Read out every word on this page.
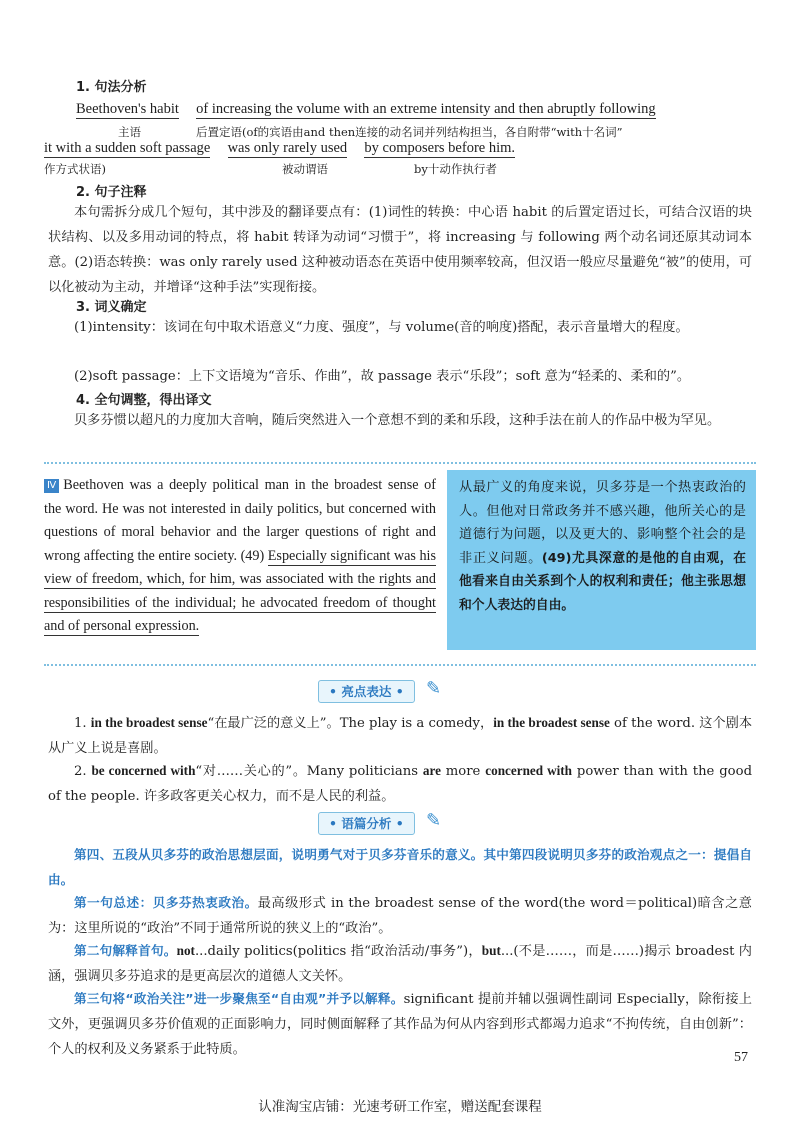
1. 句法分析
Beethoven's habit of increasing the volume with an extreme intensity and then abruptly following
主语	后置定语(of的宾语由and then连接的动名词并列结构担当，各自附带“with十名词”
it with a sudden soft passage was only rarely used by composers before him.
作方式状语)	被动谓语	by十动作执行者
2. 句子注释
本句需拆分成几个短句，其中涉及的翻译要点有：(1)词性的转换：中心语 habit 的后置定语过长，可结合汉语的块状结构、以及多用动词的特点，将 habit 转译为动词“习惯于”，将 increasing 与 following 两个动名词还原其动词本意。(2)语态转换：was only rarely used 这种被动语态在英语中使用频率较高，但汉语一般应尽量避免“被”的使用，可以化被动为主动，并增译“这种手法”实现衔接。
3. 词义确定
(1)intensity：该词在句中取术语意义“力度、强度”，与 volume(音的响度)搭配，表示音量增大的程度。
(2)soft passage：上下文语境为“音乐、作曲”，故 passage 表示“乐段”；soft 意为“轻柔的、柔和的”。
4. 全句调整，得出译文
贝多芬惯以超凡的力度加大音响，随后突然进入一个意想不到的柔和乐段，这种手法在前人的作品中极为罕见。
Ⅳ Beethoven was a deeply political man in the broadest sense of the word. He was not interested in daily politics, but concerned with questions of moral behavior and the larger questions of right and wrong affecting the entire society. (49) Especially significant was his view of freedom, which, for him, was associated with the rights and responsibilities of the individual; he advocated freedom of thought and of personal expression.
从最广义的角度来说，贝多芬是一个热衷政治的人。但他对日常政务并不感兴趣，他所关心的是道德行为问题，以及更大的、影响整个社会的是非正义问题。(49)尤具深意的是他的自由观，在他看来自由关系到个人的权利和责任；他主张思想和个人表达的自由。
• 亮点表达 •	✎
1. in the broadest sense“在最广泛的意义上”。The play is a comedy，in the broadest sense of the word. 这个剧本从广义上说是喜剧。
2. be concerned with“对……关心的”。Many politicians are more concerned with power than with the good of the people. 许多政客更关心权力，而不是人民的利益。
• 语篇分析 •	✎
第四、五段从贝多芬的政治思想层面，说明勇气对于贝多芬音乐的意义。其中第四段说明贝多芬的政治观点之一：提倡自由。
第一句总述：贝多芬热衷政治。最高级形式 in the broadest sense of the word(the word＝political)暗含之意为：这里所说的“政治”不同于通常所说的狭义上的“政治”。
第二句解释首句。not...daily politics(politics 指“政治活动/事务”)，but...(不是……，而是……)揭示 broadest 内涵，强调贝多芬追求的是更高层次的道德人文关怀。
第三句将“政治关注”进一步聚焦至“自由观”并予以解释。significant 提前并辅以强调性副词 Especially，除衔接上文外，更强调贝多芬价值观的正面影响力，同时侧面解释了其作品为何从内容到形式都竭力追求“不拘传统，自由创新”：个人的权利及义务紧系于此特质。
57
认准淘宝店铺：光速考研工作室，赠送配套课程
